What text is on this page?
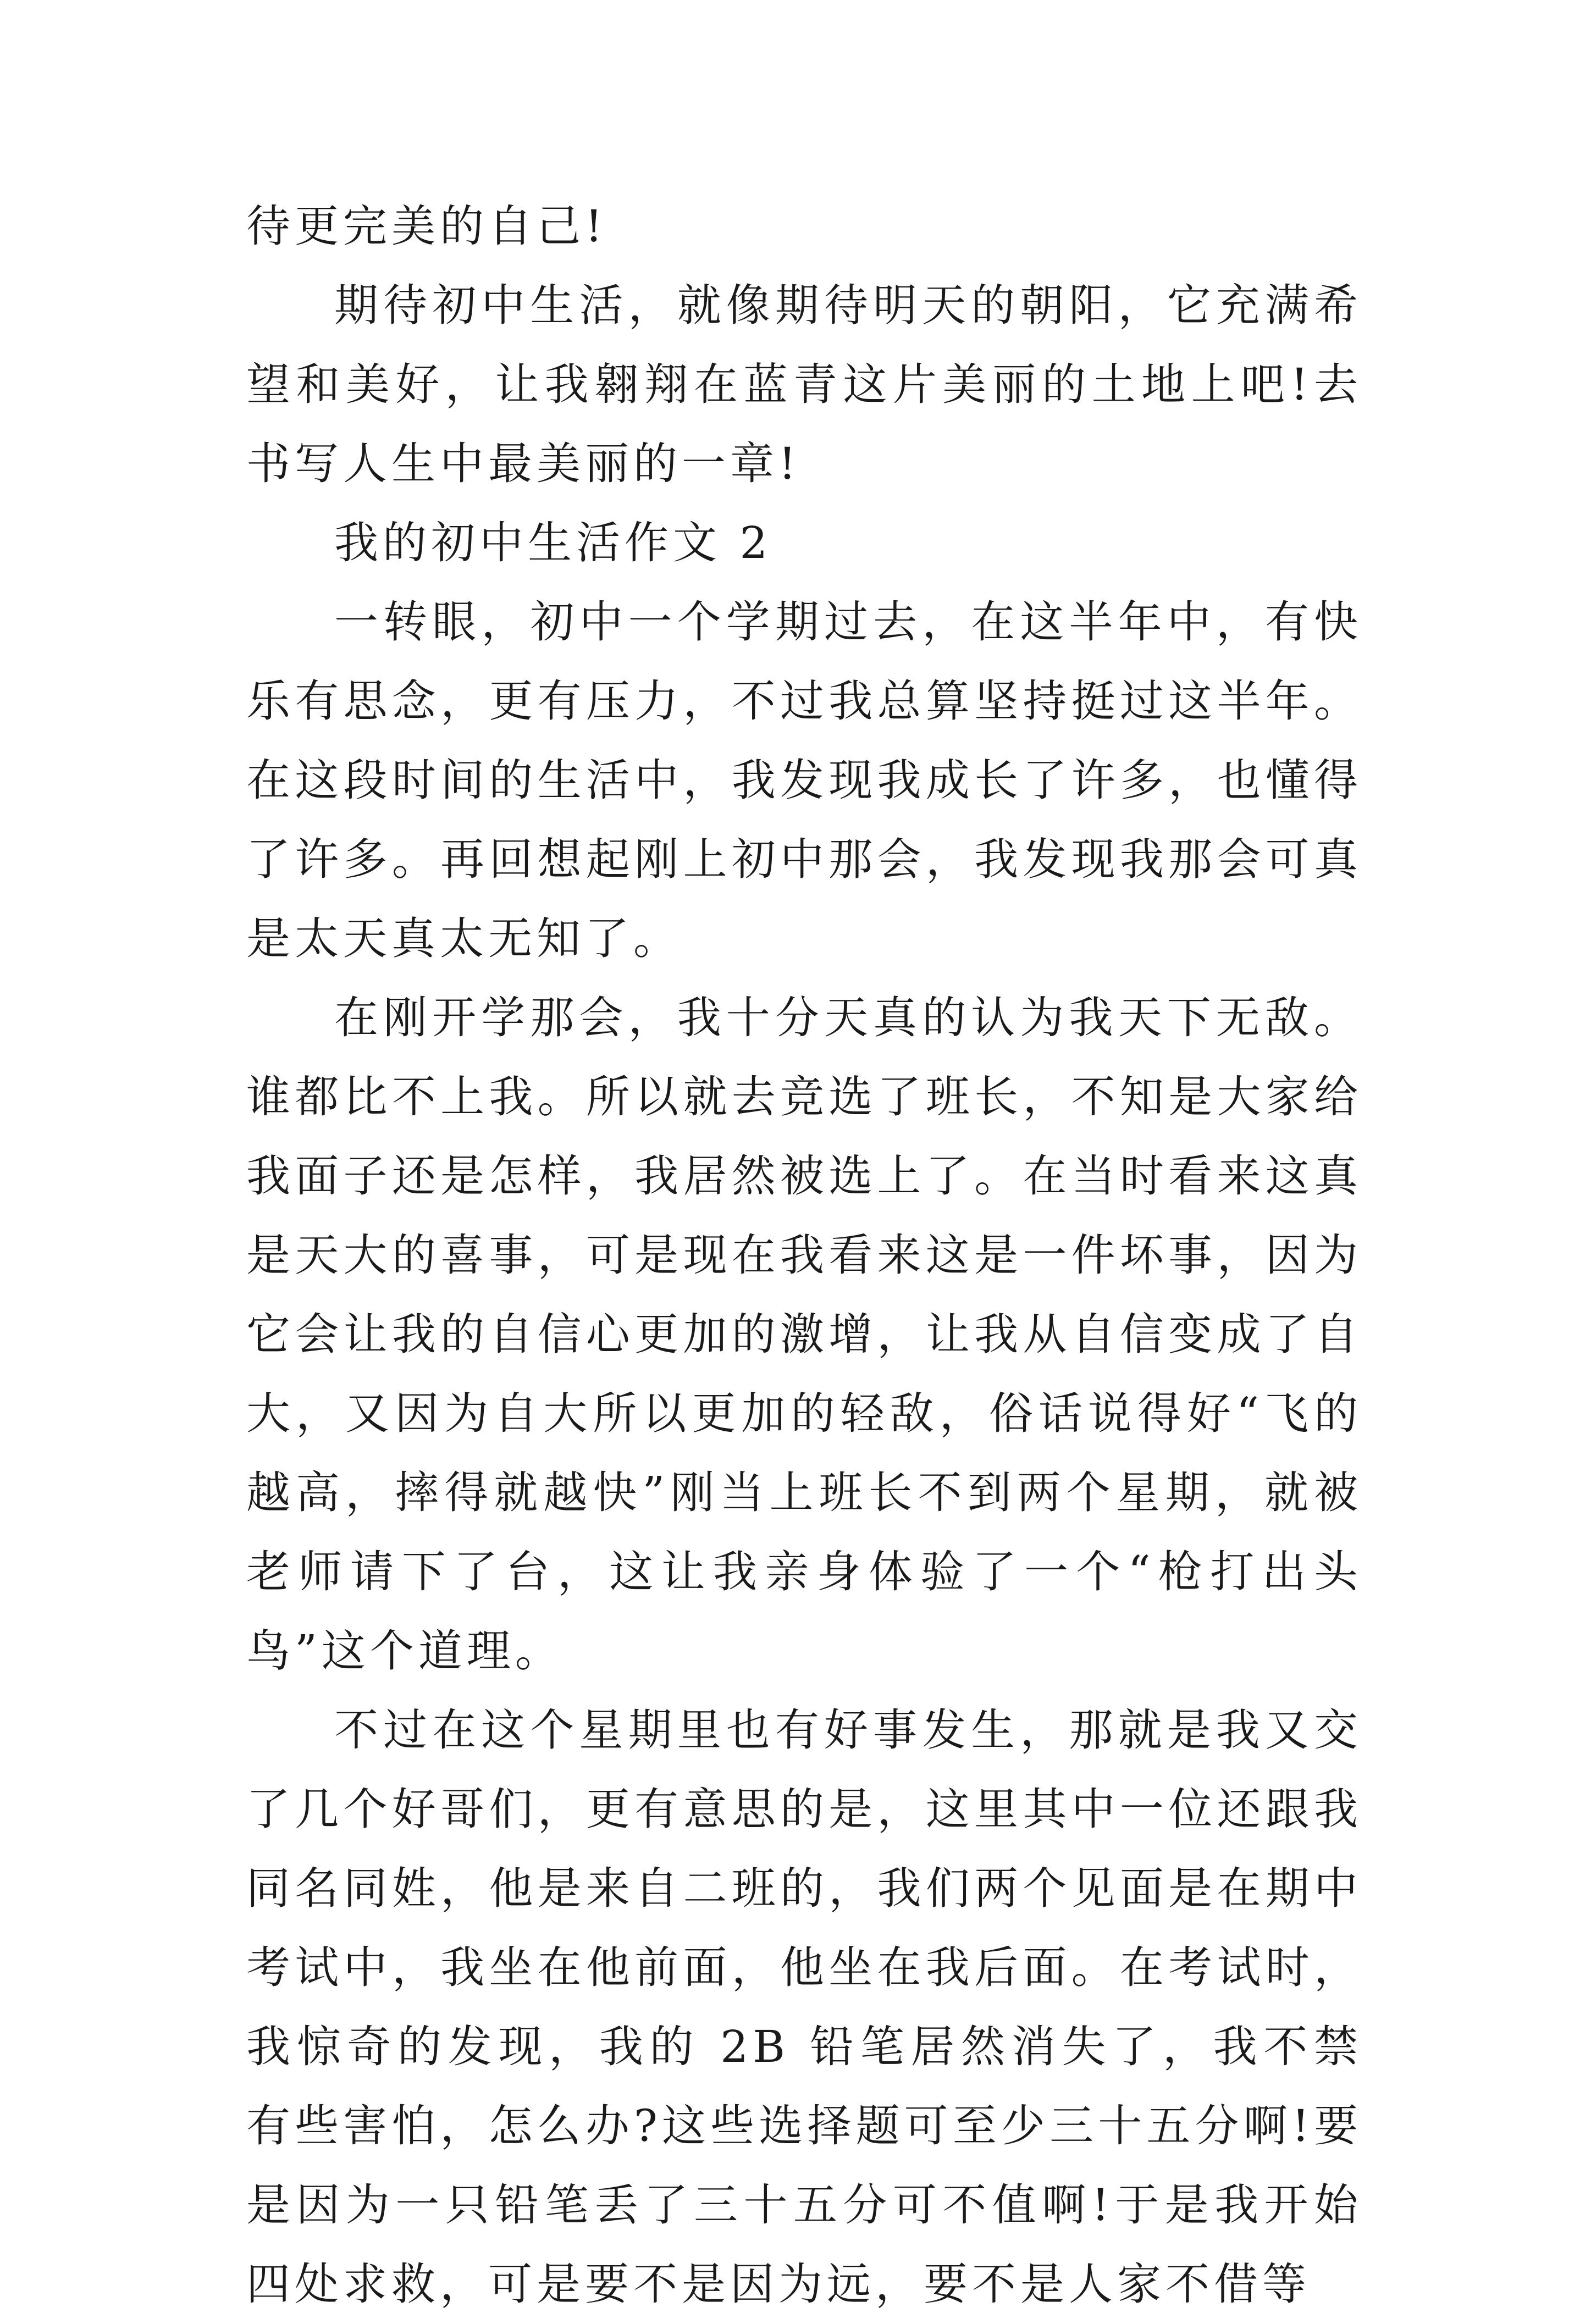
待更完美的自己!

期待初中生活，就像期待明天的朝阳，它充满希望和美好，让我翱翔在蓝青这片美丽的土地上吧!去书写人生中最美丽的一章!

我的初中生活作文 2

一转眼，初中一个学期过去，在这半年中，有快乐有思念，更有压力，不过我总算坚持挺过这半年。在这段时间的生活中，我发现我成长了许多，也懂得了许多。再回想起刚上初中那会，我发现我那会可真是太天真太无知了。

在刚开学那会，我十分天真的认为我天下无敌。谁都比不上我。所以就去竞选了班长，不知是大家给我面子还是怎样，我居然被选上了。在当时看来这真是天大的喜事，可是现在我看来这是一件坏事，因为它会让我的自信心更加的激增，让我从自信变成了自大，又因为自大所以更加的轻敌，俗话说得好“飞的越高，摔得就越快”刚当上班长不到两个星期，就被老师请下了台，这让我亲身体验了一个“枪打出头鸟”这个道理。

不过在这个星期里也有好事发生，那就是我又交了几个好哥们，更有意思的是，这里其中一位还跟我同名同姓，他是来自二班的，我们两个见面是在期中考试中，我坐在他前面，他坐在我后面。在考试时，我惊奇的发现，我的 2B 铅笔居然消失了，我不禁有些害怕，怎么办?这些选择题可至少三十五分啊!要是因为一只铅笔丢了三十五分可不值啊!于是我开始四处求救，可是要不是因为远，要不是人家不借等
